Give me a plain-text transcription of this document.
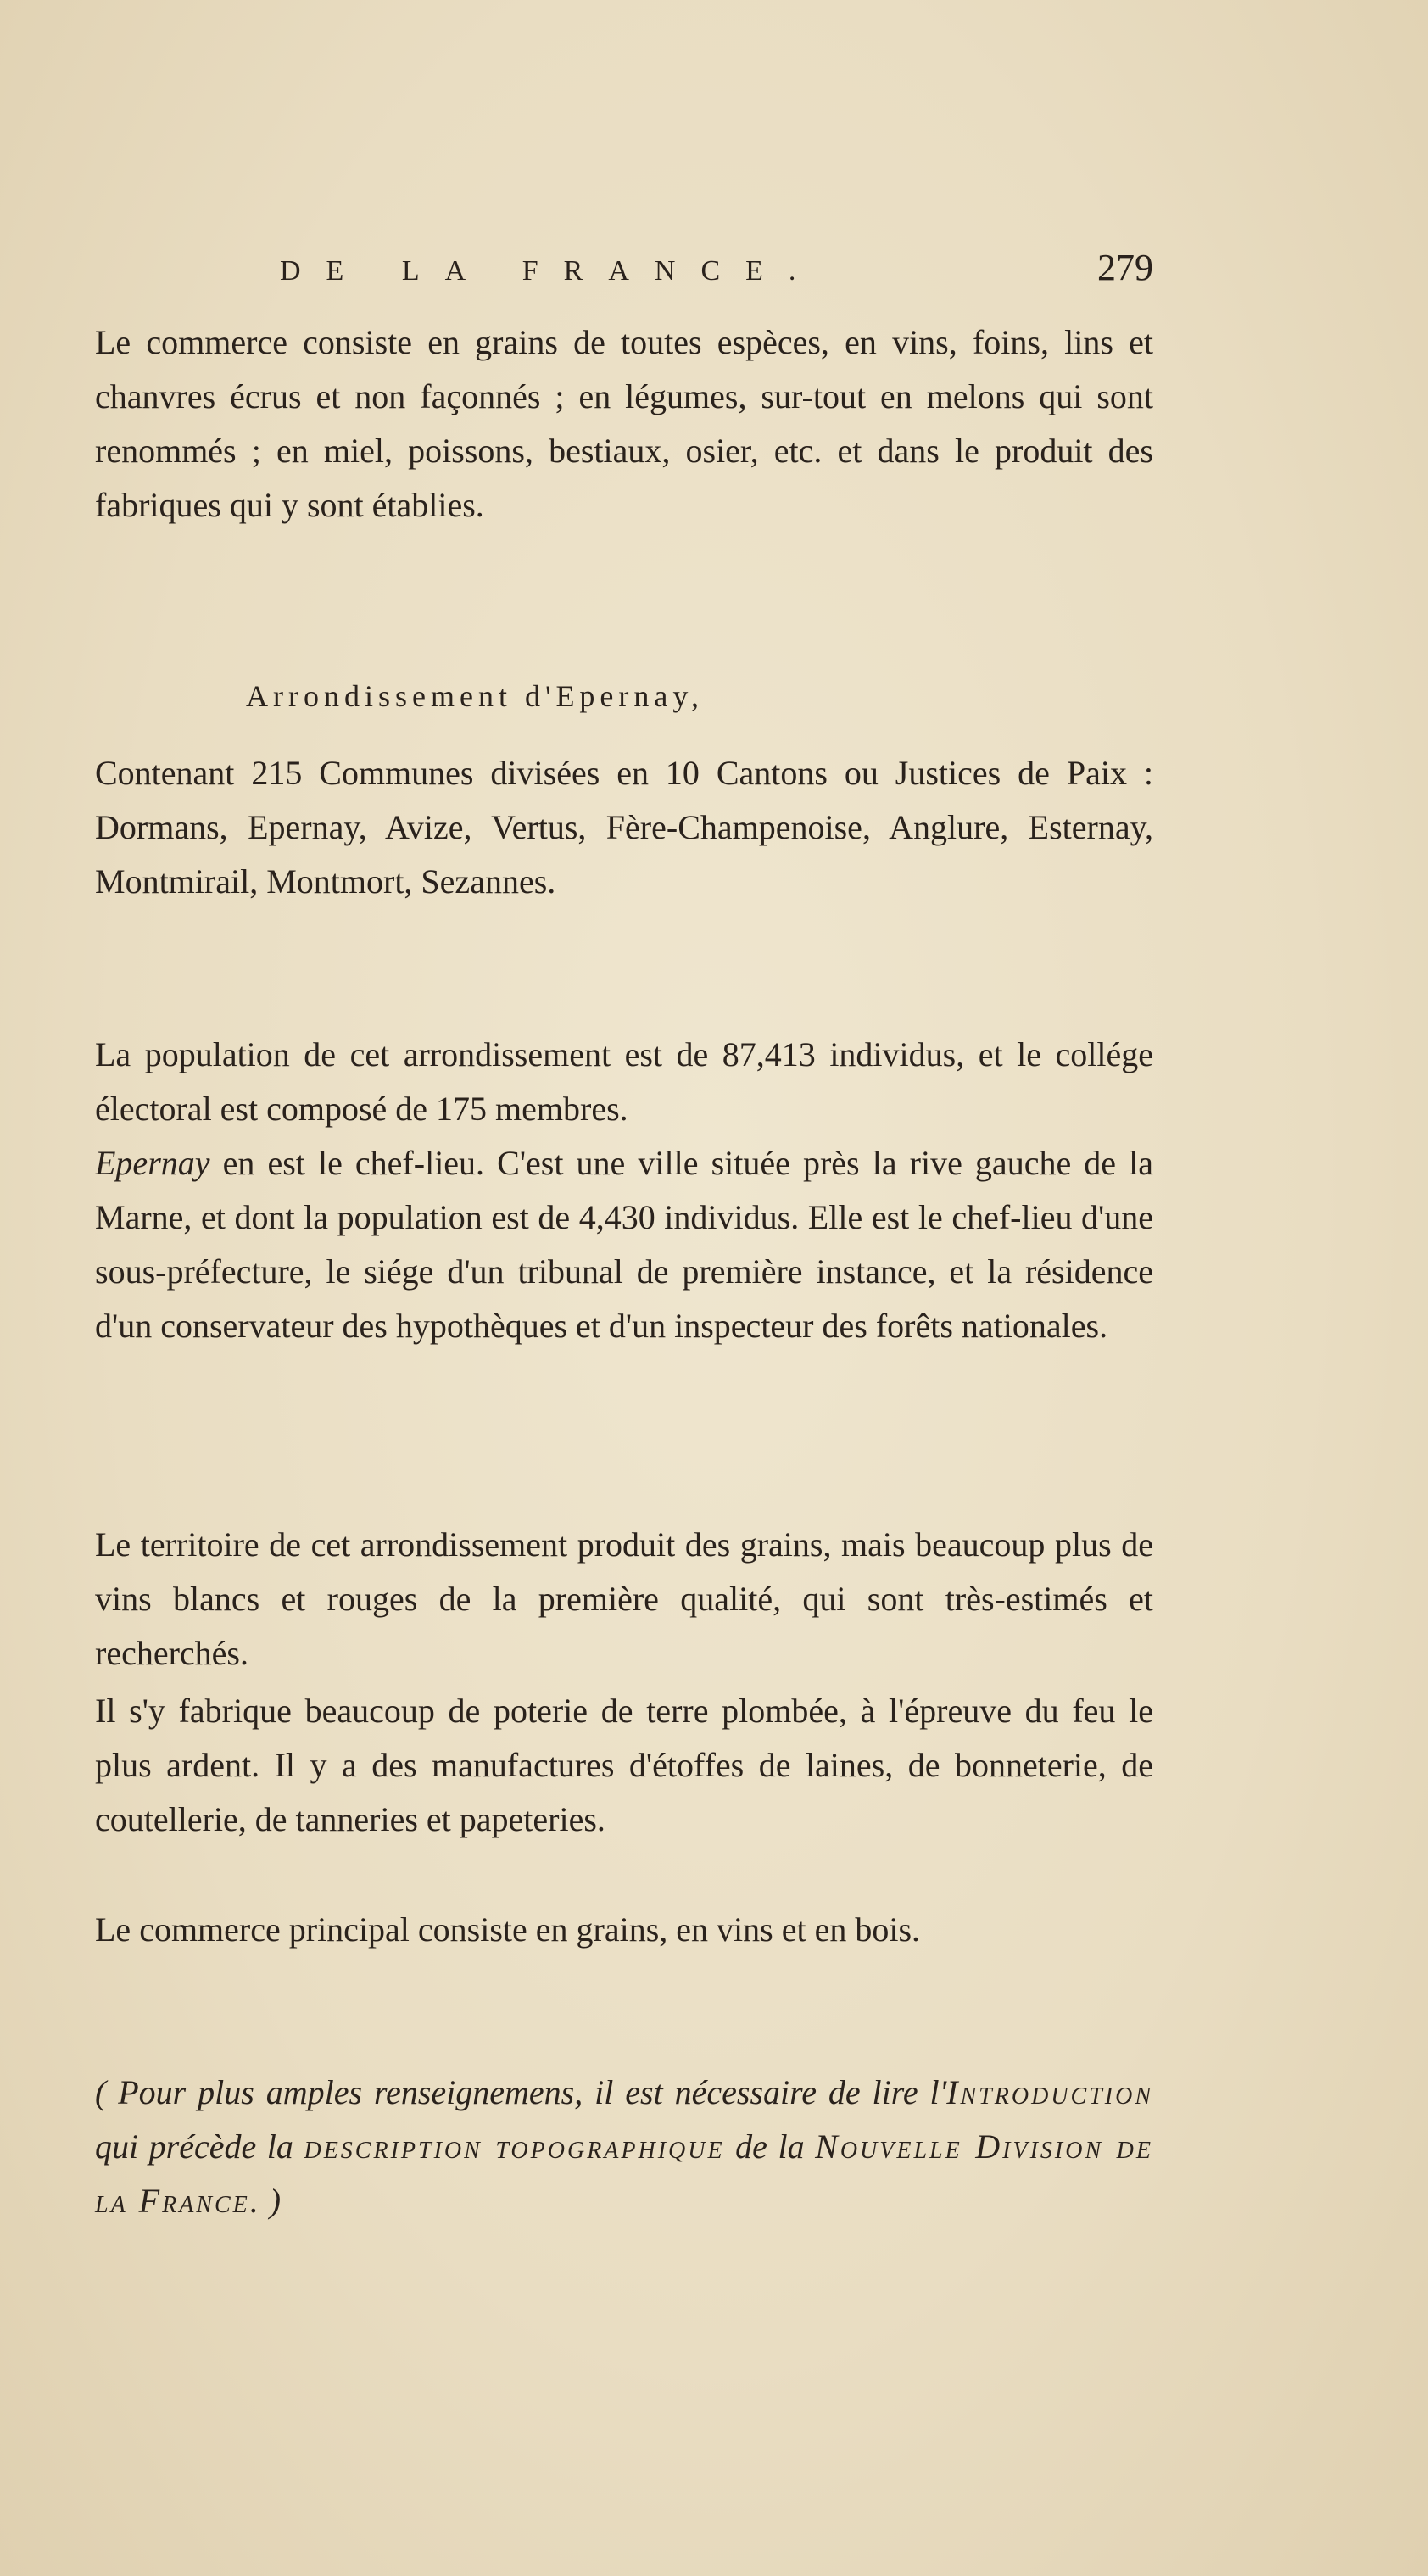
DE LA FRANCE.	279

Le commerce consiste en grains de toutes espèces, en vins, foins, lins et chanvres écrus et non façonnés ; en légumes, sur-tout en melons qui sont renommés ; en miel, poissons, bestiaux, osier, etc. et dans le produit des fabriques qui y sont établies.

Arrondissement d'Epernay,

Contenant 215 Communes divisées en 10 Cantons ou Justices de Paix : Dormans, Epernay, Avize, Vertus, Fère-Champenoise, Anglure, Esternay, Montmirail, Montmort, Sezannes.

La population de cet arrondissement est de 87,413 individus, et le collége électoral est composé de 175 membres.

Epernay en est le chef-lieu. C'est une ville située près la rive gauche de la Marne, et dont la population est de 4,430 individus. Elle est le chef-lieu d'une sous-préfecture, le siége d'un tribunal de première instance, et la résidence d'un conservateur des hypothèques et d'un inspecteur des forêts nationales.

Le territoire de cet arrondissement produit des grains, mais beaucoup plus de vins blancs et rouges de la première qualité, qui sont très-estimés et recherchés.

Il s'y fabrique beaucoup de poterie de terre plombée, à l'épreuve du feu le plus ardent. Il y a des manufactures d'étoffes de laines, de bonneterie, de coutellerie, de tanneries et papeteries.

Le commerce principal consiste en grains, en vins et en bois.

( Pour plus amples renseignemens, il est nécessaire de lire l'Introduction qui précède la description topographique de la Nouvelle Division de la France. )
